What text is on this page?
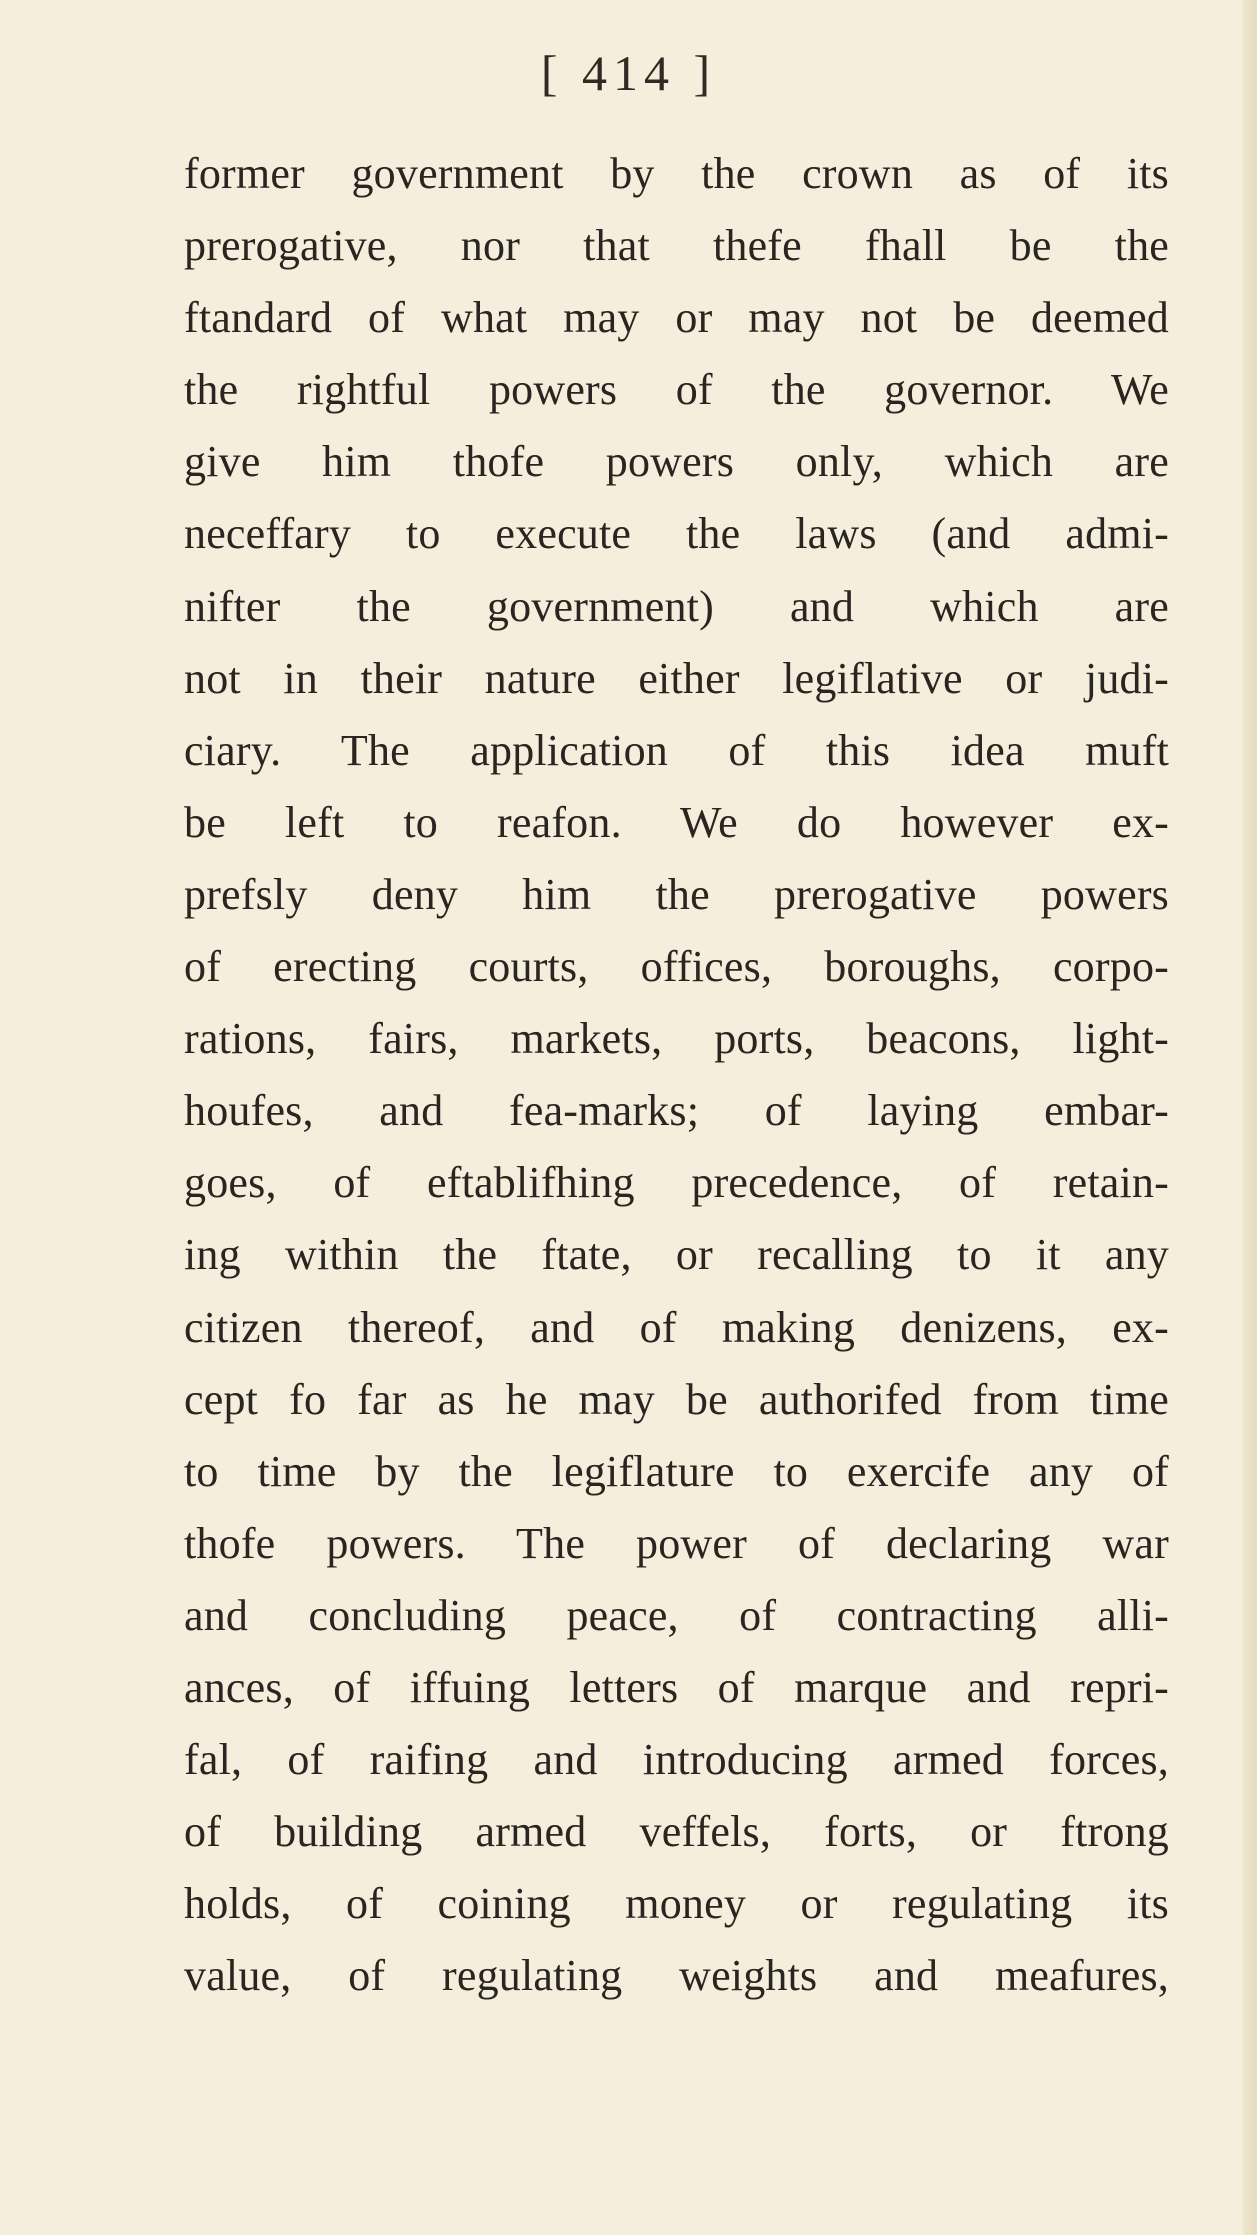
[ 414 ]
former government by the crown as of its
prerogative, nor that thefe fhall be the
ftandard of what may or may not be deemed
the rightful powers of the governor. We
give him thofe powers only, which are
neceffary to execute the laws (and admi-
nifter the government) and which are
not in their nature either legiflative or judi-
ciary. The application of this idea muft
be left to reafon. We do however ex-
prefsly deny him the prerogative powers
of erecting courts, offices, boroughs, corpo-
rations, fairs, markets, ports, beacons, light-
houfes, and fea-marks; of laying embar-
goes, of eftablifhing precedence, of retain-
ing within the ftate, or recalling to it any
citizen thereof, and of making denizens, ex-
cept fo far as he may be authorifed from time
to time by the legiflature to exercife any of
thofe powers. The power of declaring war
and concluding peace, of contracting alli-
ances, of iffuing letters of marque and repri-
fal, of raifing and introducing armed forces,
of building armed veffels, forts, or ftrong
holds, of coining money or regulating its
value, of regulating weights and meafures,
